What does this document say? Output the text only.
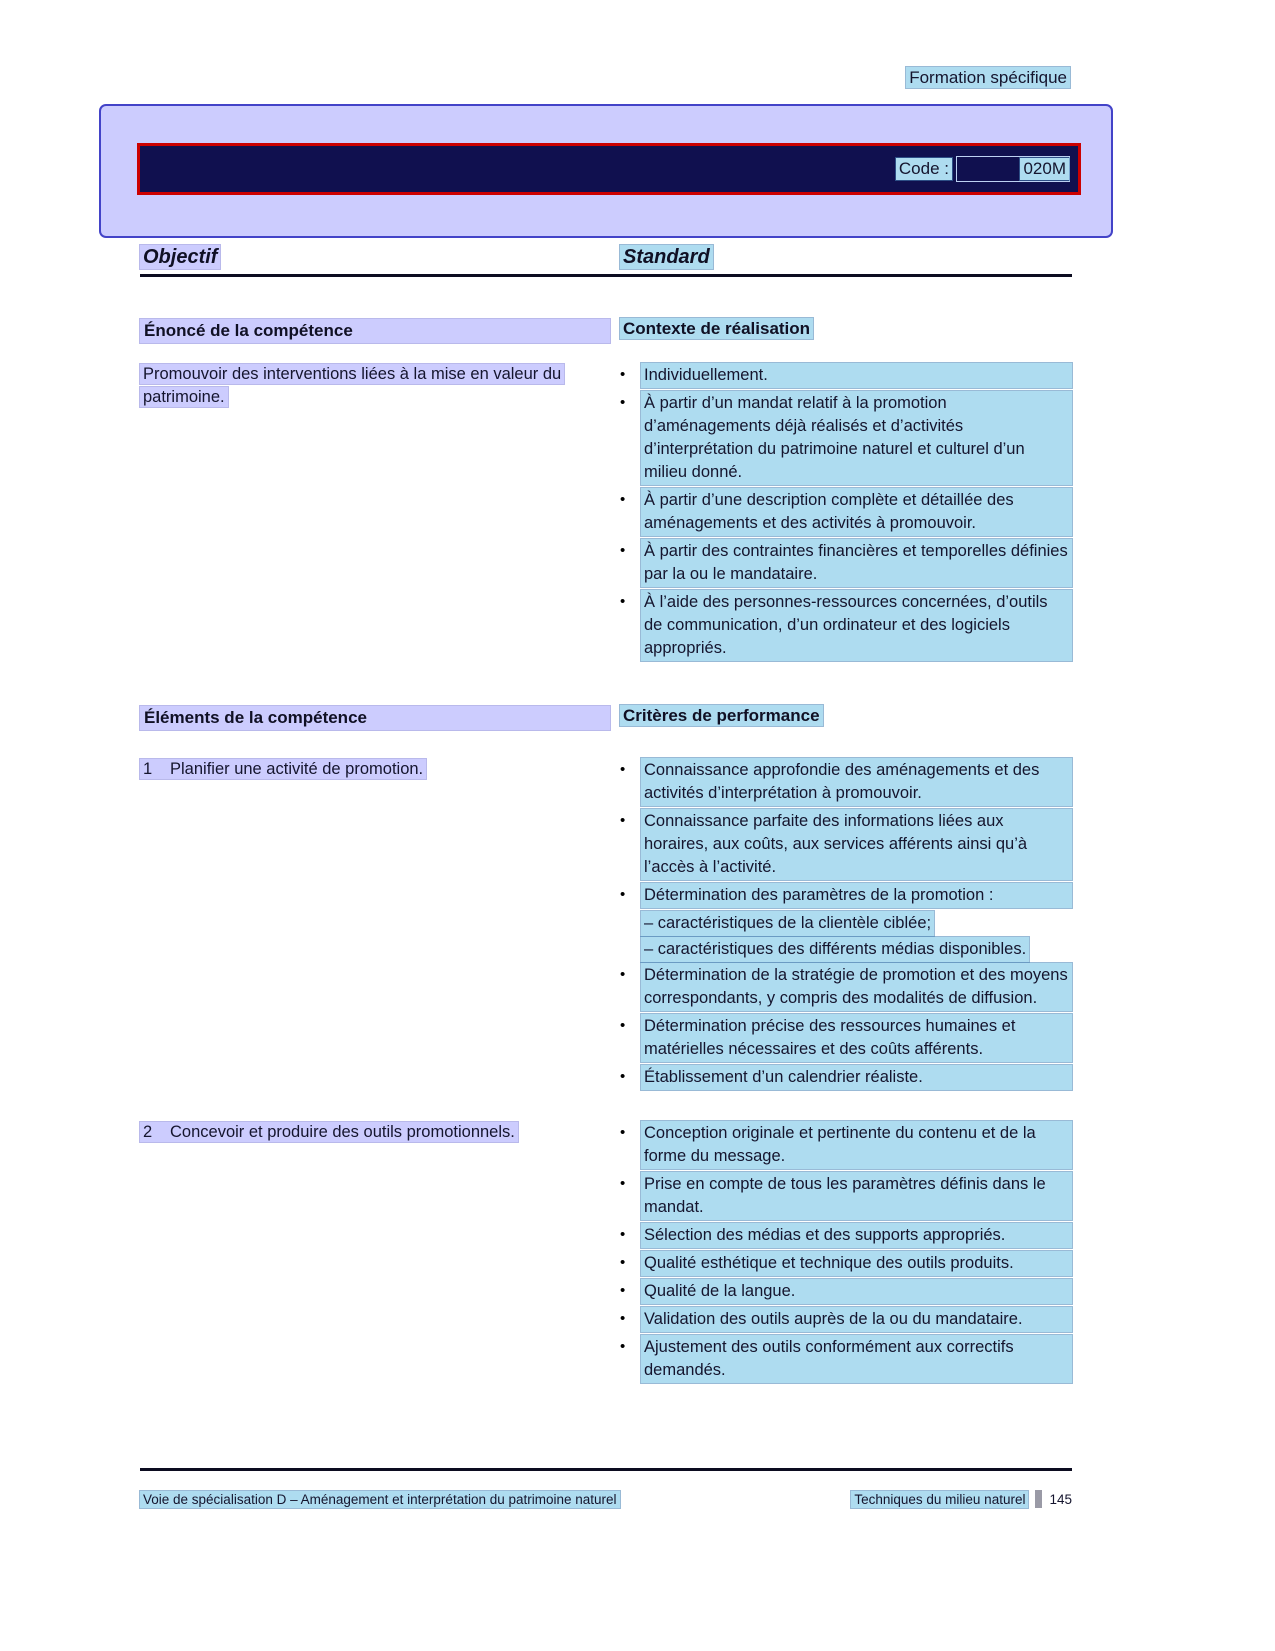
Formation spécifique
Code :	020M
Objectif	Standard
Énoncé de la compétence	Contexte de réalisation
Promouvoir des interventions liées à la mise en valeur du patrimoine.
•	Individuellement.
•	À partir d’un mandat relatif à la promotion d’aménagements déjà réalisés et d’activités d’interprétation du patrimoine naturel et culturel d’un milieu donné.
•	À partir d’une description complète et détaillée des aménagements et des activités à promouvoir.
•	À partir des contraintes financières et temporelles définies par la ou le mandataire.
•	À l’aide des personnes-ressources concernées, d’outils de communication, d’un ordinateur et des logiciels appropriés.
Éléments de la compétence	Critères de performance
1 Planifier une activité de promotion.	•	Connaissance approfondie des aménagements et des activités d’interprétation à promouvoir.
•	Connaissance parfaite des informations liées aux horaires, aux coûts, aux services afférents ainsi qu’à l’accès à l’activité.
•	Détermination des paramètres de la promotion :
– caractéristiques de la clientèle ciblée;
– caractéristiques des différents médias disponibles.
•	Détermination de la stratégie de promotion et des moyens correspondants, y compris des modalités de diffusion.
•	Détermination précise des ressources humaines et matérielles nécessaires et des coûts afférents.
•	Établissement d’un calendrier réaliste.
2 Concevoir et produire des outils promotionnels.	•	Conception originale et pertinente du contenu et de la forme du message.
•	Prise en compte de tous les paramètres définis dans le mandat.
•	Sélection des médias et des supports appropriés.
•	Qualité esthétique et technique des outils produits.
•	Qualité de la langue.
•	Validation des outils auprès de la ou du mandataire.
•	Ajustement des outils conformément aux correctifs demandés.
Voie de spécialisation D – Aménagement et interprétation du patrimoine naturel	Techniques du milieu naturel 145
